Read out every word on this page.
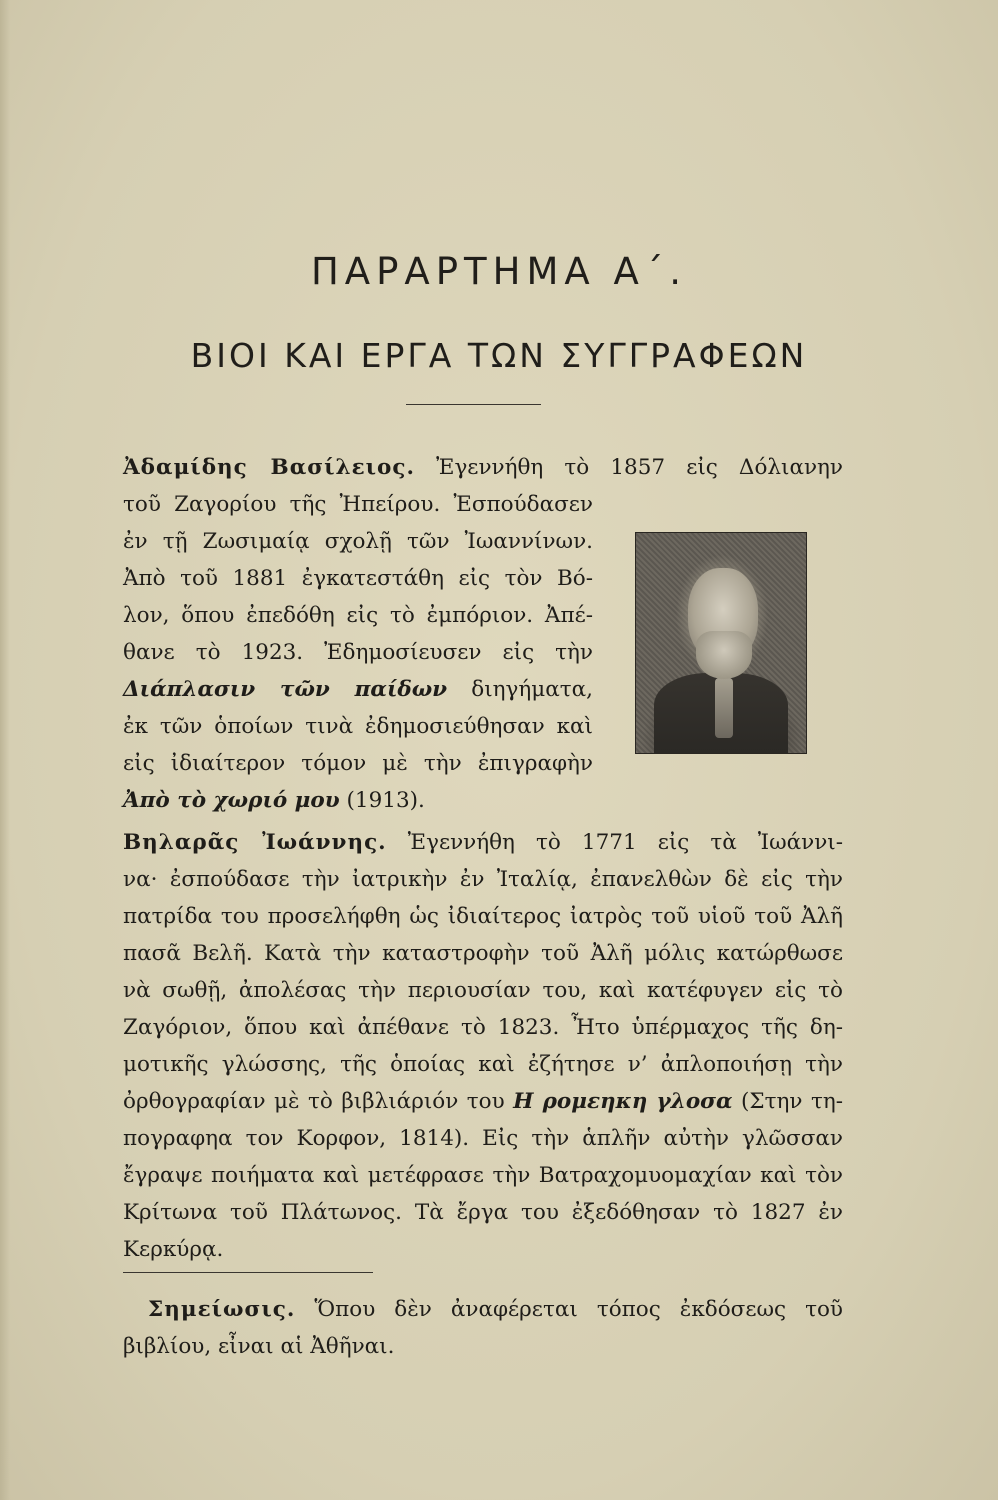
ΠΑΡΑΡΤΗΜΑ Α΄.
ΒΙΟΙ ΚΑΙ ΕΡΓΑ ΤΩΝ ΣΥΓΓΡΑΦΕΩΝ
Ἀδαμίδης Βασίλειος. Ἐγεννήθη τὸ 1857 εἰς Δόλιανην
τοῦ Ζαγορίου τῆς Ἠπείρου. Ἐσπούδασεν
ἐν τῇ Ζωσιμαίᾳ σχολῇ τῶν Ἰωαννίνων.
Ἀπὸ τοῦ 1881 ἐγκατεστάθη εἰς τὸν Βό-
λον, ὅπου ἐπεδόθη εἰς τὸ ἐμπόριον. Ἀπέ-
θανε τὸ 1923. Ἐδημοσίευσεν εἰς τὴν
Διάπλασιν τῶν παίδων διηγήματα,
ἐκ τῶν ὁποίων τινὰ ἐδημοσιεύθησαν καὶ
εἰς ἰδιαίτερον τόμον μὲ τὴν ἐπιγραφὴν
Ἀπὸ τὸ χωριό μου (1913).
Βηλαρᾶς Ἰωάννης. Ἐγεννήθη τὸ 1771 εἰς τὰ Ἰωάννι-
να· ἐσπούδασε τὴν ἰατρικὴν ἐν Ἰταλίᾳ, ἐπανελθὼν δὲ εἰς τὴν
πατρίδα του προσελήφθη ὡς ἰδιαίτερος ἰατρὸς τοῦ υἱοῦ τοῦ Ἀλῆ
πασᾶ Βελῆ. Κατὰ τὴν καταστροφὴν τοῦ Ἀλῆ μόλις κατώρθωσε
νὰ σωθῇ, ἀπολέσας τὴν περιουσίαν του, καὶ κατέφυγεν εἰς τὸ
Ζαγόριον, ὅπου καὶ ἀπέθανε τὸ 1823. Ἦτο ὑπέρμαχος τῆς δη-
μοτικῆς γλώσσης, τῆς ὁποίας καὶ ἐζήτησε ν’ ἀπλοποιήσῃ τὴν
ὀρθογραφίαν μὲ τὸ βιβλιάριόν του Η ρομεηκη γλοσα (Στην τη-
πογραφηα τον Κορφον, 1814). Εἰς τὴν ἁπλῆν αὐτὴν γλῶσσαν
ἔγραψε ποιήματα καὶ μετέφρασε τὴν Βατραχομυομαχίαν καὶ τὸν
Κρίτωνα τοῦ Πλάτωνος. Τὰ ἔργα του ἐξεδόθησαν τὸ 1827 ἐν
Κερκύρᾳ.
Σημείωσις. Ὅπου δὲν ἀναφέρεται τόπος ἐκδόσεως τοῦ
βιβλίου, εἶναι αἱ Ἀθῆναι.
